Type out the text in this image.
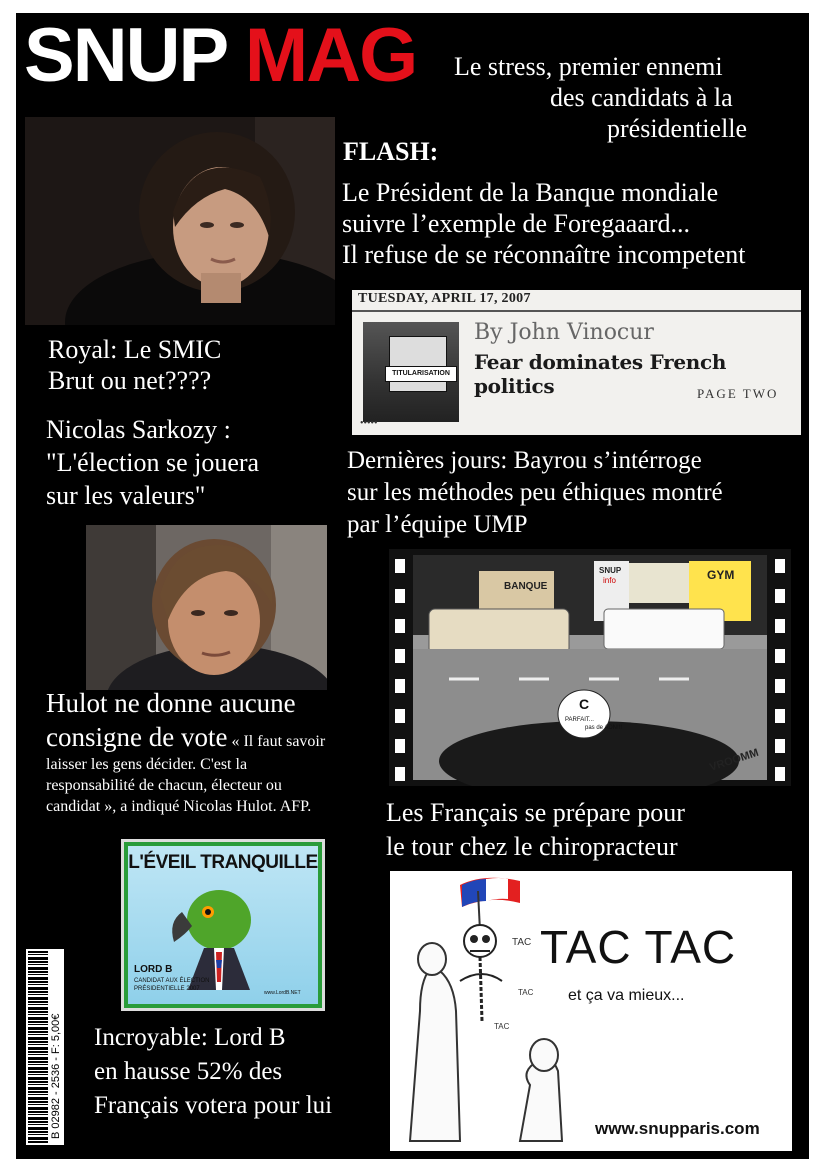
SNUP MAG Le stress, premier ennemi
des candidats à la
présidentielle
FLASH:
Le Président de la Banque mondiale
suivre l’exemple de Foregaaard...
Il refuse de se réconnaître incompetent
TUESDAY, APRIL 17, 2007
TITULARISATION
By John Vinocur
Fear dominates French politics	PAGE TWO
•••••
Royal: Le SMIC
Brut ou net????
Nicolas Sarkozy :
"L'élection se jouera
sur les valeurs"
Dernières jours: Bayrou s’intérroge
sur les méthodes peu éthiques montré
par l’équipe UMP
C
PARFAIT...
pas de ADN!!!
BANQUE
SNUP
info	GYM
VROOMM
Hulot ne donne aucune
consigne de vote « Il faut savoir
laisser les gens décider. C'est la
responsabilité de chacun, électeur ou
candidat », a indiqué Nicolas Hulot. AFP.	Les Français se prépare pour
le tour chez le chiropracteur
L'ÉVEIL TRANQUILLE
LORD B
CANDIDAT AUX ÉLECTION
PRÉSIDENTIELLE 2007
www.LordB.NET
TAC
TAC
TAC
TAC TAC
et ça va mieux...
www.snupparis.com
B 02982 - 2536 - F: 5,00€ Incroyable: Lord B
en hausse 52% des
Français votera pour lui
